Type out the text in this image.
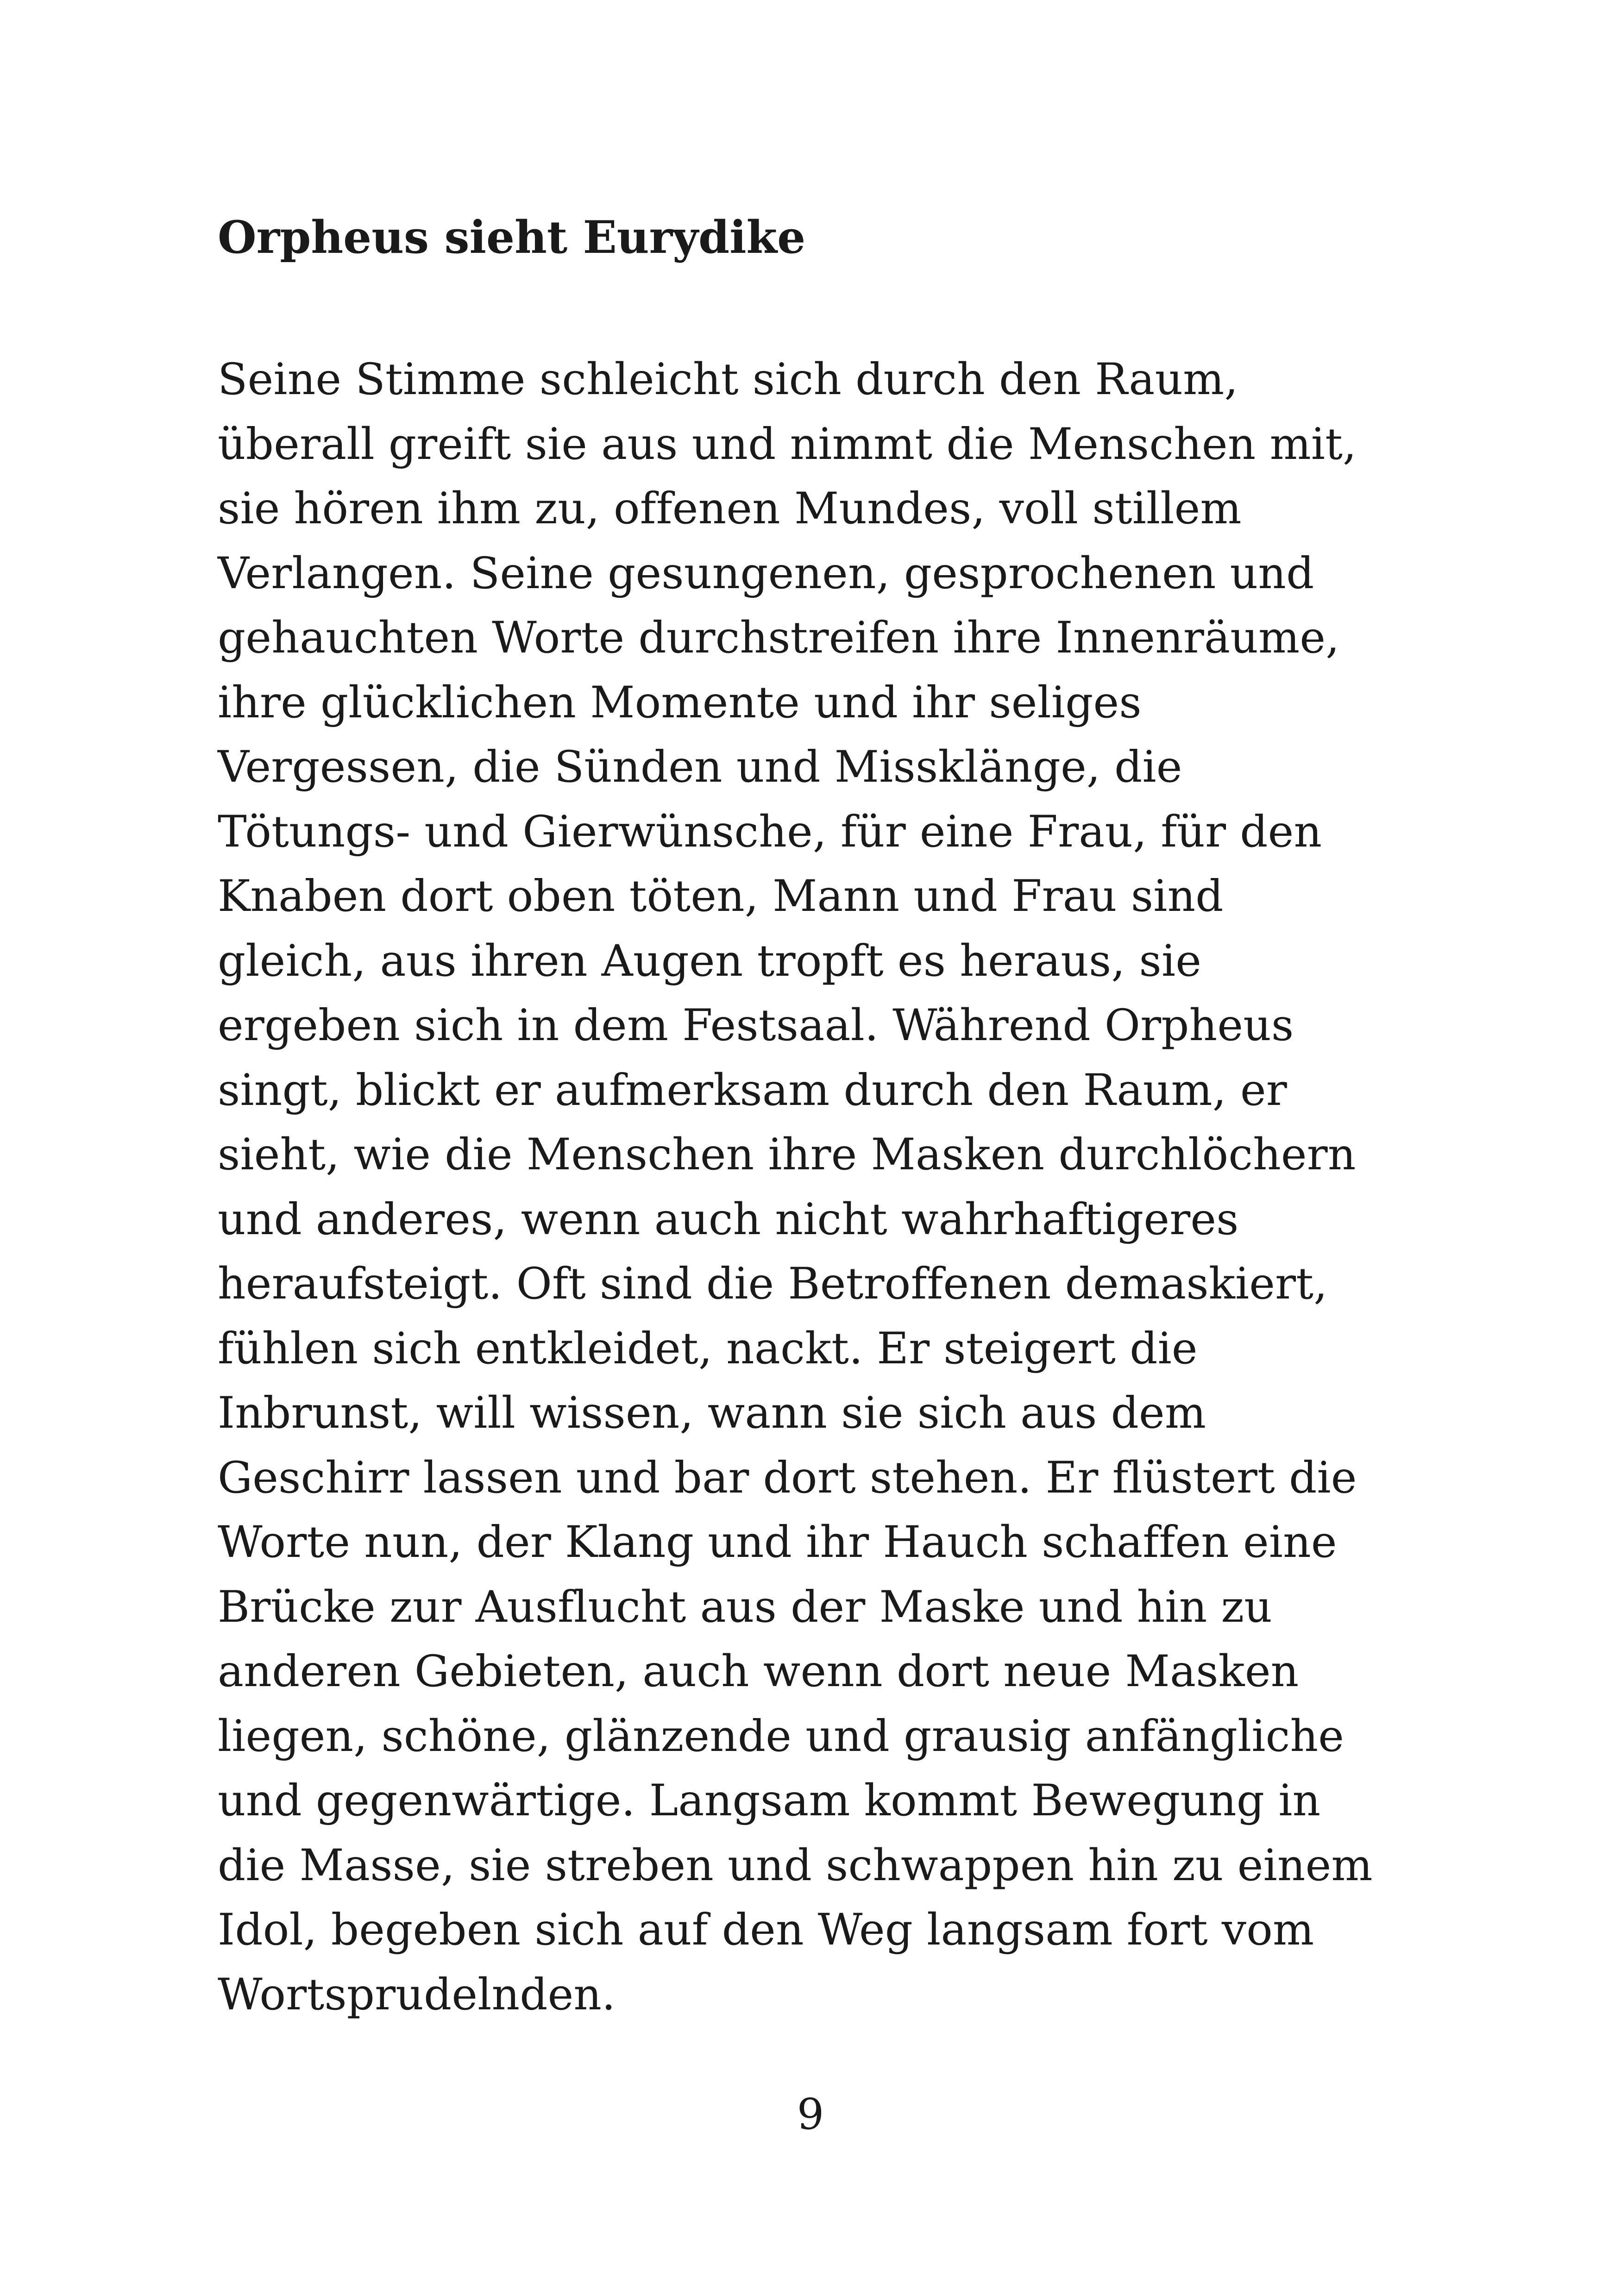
Orpheus sieht Eurydike
Seine Stimme schleicht sich durch den Raum,
überall greift sie aus und nimmt die Menschen mit,
sie hören ihm zu, offenen Mundes, voll stillem
Verlangen. Seine gesungenen, gesprochenen und
gehauchten Worte durchstreifen ihre Innenräume,
ihre glücklichen Momente und ihr seliges
Vergessen, die Sünden und Missklänge, die
Tötungs- und Gierwünsche, für eine Frau, für den
Knaben dort oben töten, Mann und Frau sind
gleich, aus ihren Augen tropft es heraus, sie
ergeben sich in dem Festsaal. Während Orpheus
singt, blickt er aufmerksam durch den Raum, er
sieht, wie die Menschen ihre Masken durchlöchern
und anderes, wenn auch nicht wahrhaftigeres
heraufsteigt. Oft sind die Betroffenen demaskiert,
fühlen sich entkleidet, nackt. Er steigert die
Inbrunst, will wissen, wann sie sich aus dem
Geschirr lassen und bar dort stehen. Er flüstert die
Worte nun, der Klang und ihr Hauch schaffen eine
Brücke zur Ausflucht aus der Maske und hin zu
anderen Gebieten, auch wenn dort neue Masken
liegen, schöne, glänzende und grausig anfängliche
und gegenwärtige. Langsam kommt Bewegung in
die Masse, sie streben und schwappen hin zu einem
Idol, begeben sich auf den Weg langsam fort vom
Wortsprudelnden.
9
